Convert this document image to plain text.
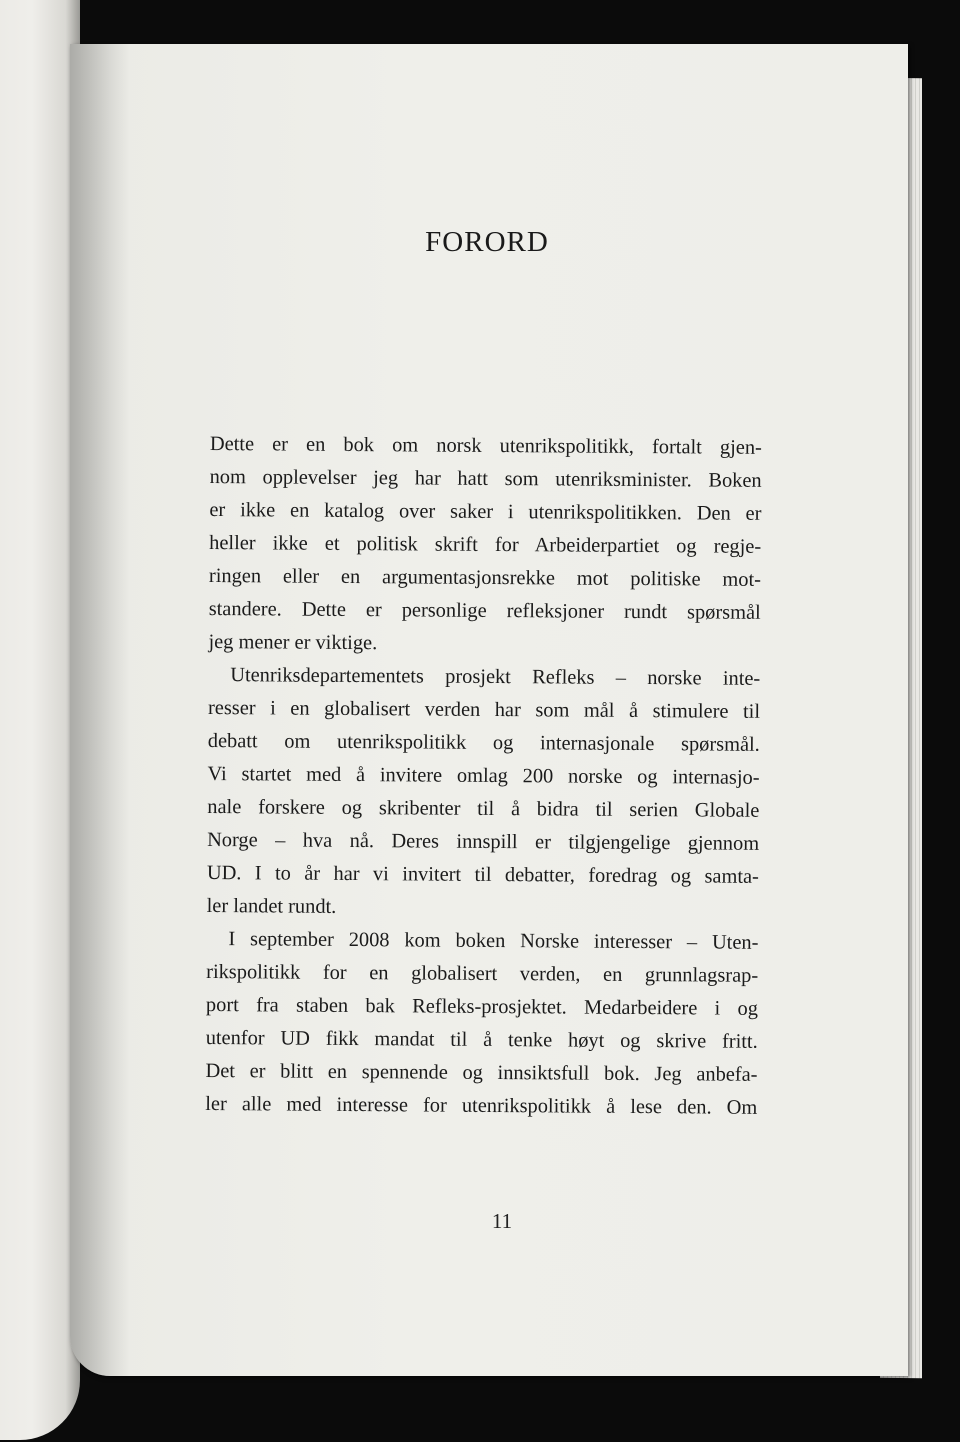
FORORD

Dette er en bok om norsk utenrikspolitikk, fortalt gjen-
nom opplevelser jeg har hatt som utenriksminister. Boken
er ikke en katalog over saker i utenrikspolitikken. Den er
heller ikke et politisk skrift for Arbeiderpartiet og regje-
ringen eller en argumentasjonsrekke mot politiske mot-
standere. Dette er personlige refleksjoner rundt spørsmål
jeg mener er viktige.

Utenriksdepartementets prosjekt Refleks – norske inte-
resser i en globalisert verden har som mål å stimulere til
debatt om utenrikspolitikk og internasjonale spørsmål.
Vi startet med å invitere omlag 200 norske og internasjo-
nale forskere og skribenter til å bidra til serien Globale
Norge – hva nå. Deres innspill er tilgjengelige gjennom
UD. I to år har vi invitert til debatter, foredrag og samta-
ler landet rundt.

I september 2008 kom boken Norske interesser – Uten-
rikspolitikk for en globalisert verden, en grunnlagsrap-
port fra staben bak Refleks-prosjektet. Medarbeidere i og
utenfor UD fikk mandat til å tenke høyt og skrive fritt.
Det er blitt en spennende og innsiktsfull bok. Jeg anbefa-
ler alle med interesse for utenrikspolitikk å lese den. Om

11
